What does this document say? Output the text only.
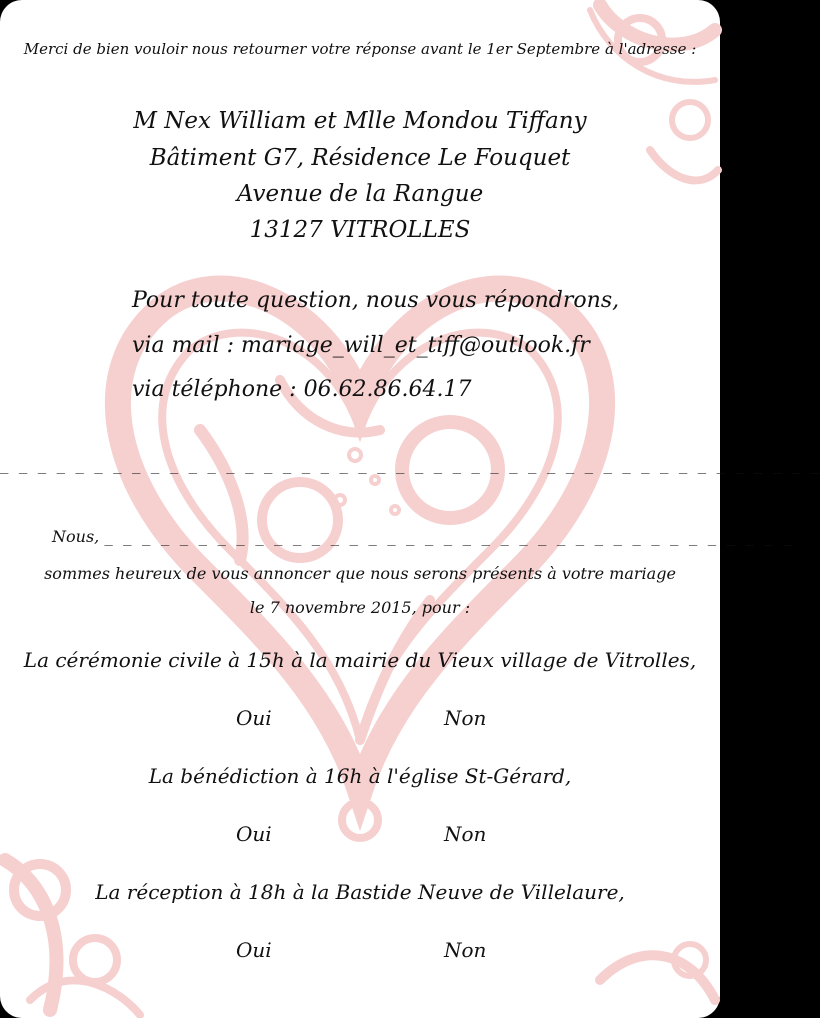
Merci de bien vouloir nous retourner votre réponse avant le 1er Septembre à l'adresse :
M Nex William et Mlle Mondou Tiffany
Bâtiment G7, Résidence Le Fouquet
Avenue de la Rangue
13127 VITROLLES
Pour toute question, nous vous répondrons,
via mail : mariage_will_et_tiff@outlook.fr
via téléphone : 06.62.86.64.17
_ _ _ _ _ _ _ _ _ _ _ _ _ _ _ _ _ _ _ _ _ _ _ _ _ _ _ _ _ _ _ _ _ _ _ _ _ _ _ _ _ _ _ _
Nous, _ _ _ _ _ _ _ _ _ _ _ _ _ _ _ _ _ _ _ _ _ _ _ _ _ _ _ _ _ _ _ _ _ _ _ _ _
sommes heureux de vous annoncer que nous serons présents à votre mariage
le 7 novembre 2015, pour :
La cérémonie civile à 15h à la mairie du Vieux village de Vitrolles,
Oui	Non
La bénédiction à 16h à l'église St-Gérard,
Oui	Non
La réception à 18h à la Bastide Neuve de Villelaure,
Oui	Non
